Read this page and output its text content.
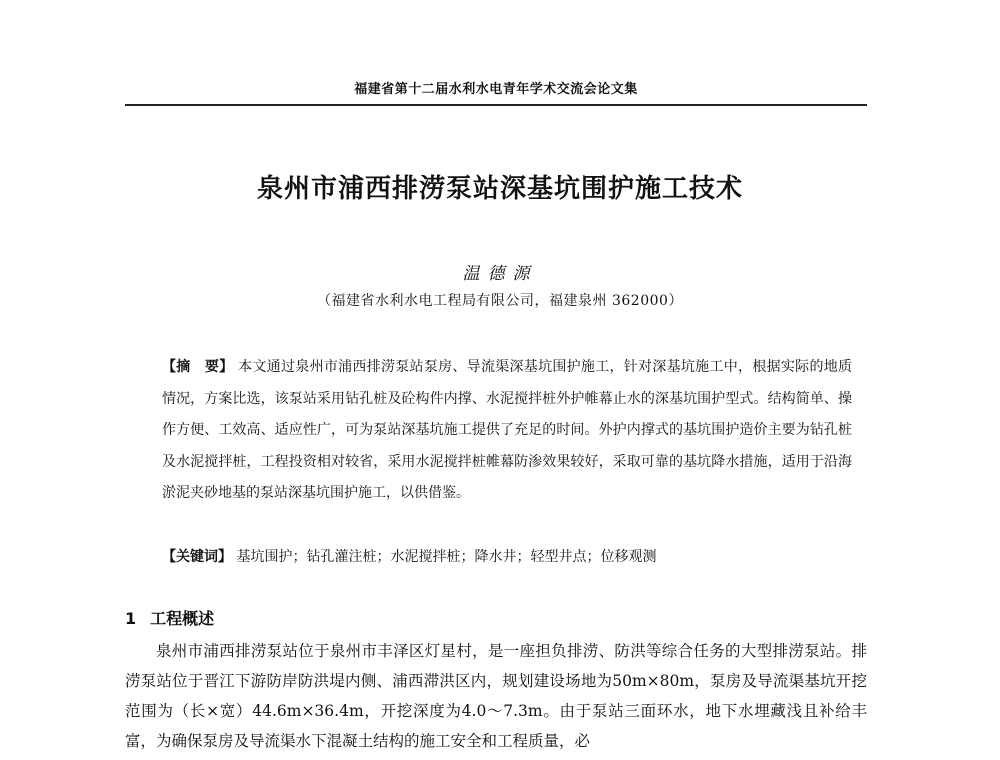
福建省第十二届水利水电青年学术交流会论文集
泉州市浦西排涝泵站深基坑围护施工技术
温德源
（福建省水利水电工程局有限公司，福建泉州 362000）
【摘　要】 本文通过泉州市浦西排涝泵站泵房、导流渠深基坑围护施工，针对深基坑施工中，根据实际的地质情况，方案比选，该泵站采用钻孔桩及砼构件内撑、水泥搅拌桩外护帷幕止水的深基坑围护型式。结构简单、操作方便、工效高、适应性广，可为泵站深基坑施工提供了充足的时间。外护内撑式的基坑围护造价主要为钻孔桩及水泥搅拌桩，工程投资相对较省，采用水泥搅拌桩帷幕防渗效果较好，采取可靠的基坑降水措施，适用于沿海淤泥夹砂地基的泵站深基坑围护施工，以供借鉴。
【关键词】 基坑围护；钻孔灌注桩；水泥搅拌桩；降水井；轻型井点；位移观测
1 工程概述

泉州市浦西排涝泵站位于泉州市丰泽区灯星村，是一座担负排涝、防洪等综合任务的大型排涝泵站。排涝泵站位于晋江下游防岸防洪堤内侧、浦西滞洪区内，规划建设场地为50m×80m，泵房及导流渠基坑开挖范围为（长×宽）44.6m×36.4m，开挖深度为4.0～7.3m。由于泵站三面环水，地下水埋藏浅且补给丰富，为确保泵房及导流渠水下混凝土结构的施工安全和工程质量，必
